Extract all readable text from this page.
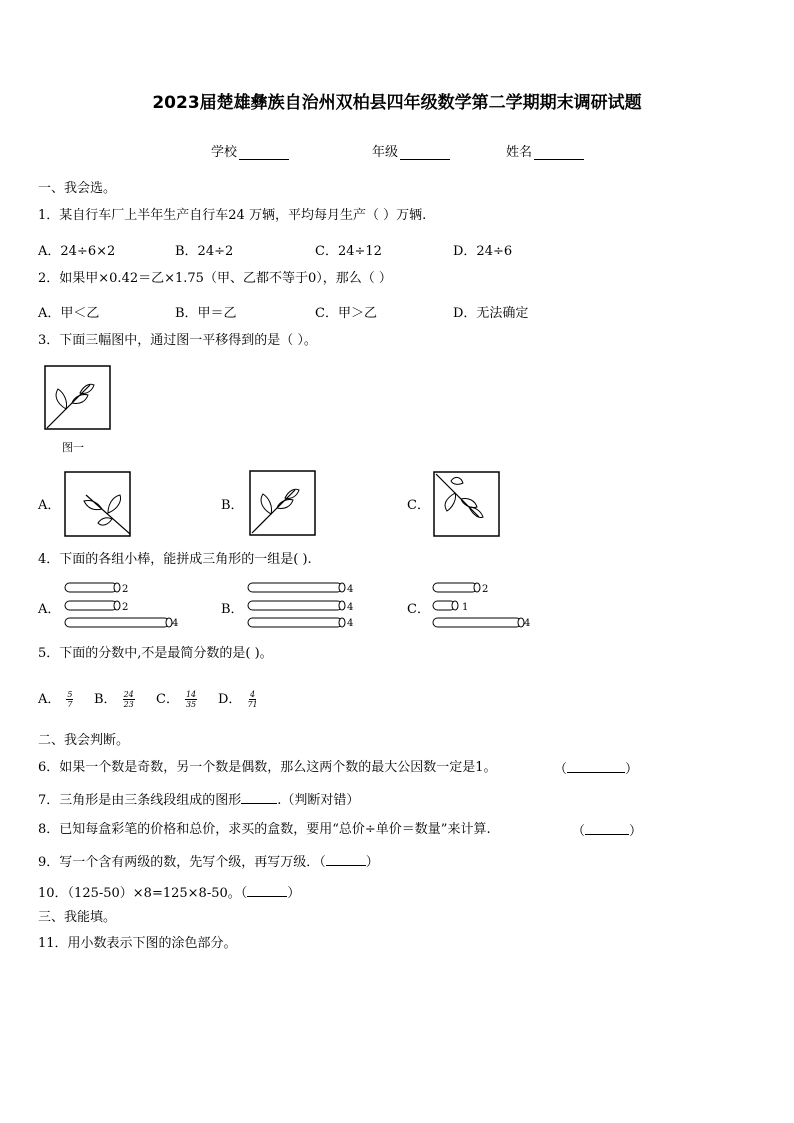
2023届楚雄彝族自治州双柏县四年级数学第二学期期末调研试题
学校	年级	姓名
一、我会选。
1．某自行车厂上半年生产自行车24 万辆，平均每月生产（ ）万辆.
A．24÷6×2	B．24÷2	C．24÷12	D．24÷6
2．如果甲×0.42＝乙×1.75（甲、乙都不等于0），那么（ ）
A．甲＜乙	B．甲＝乙	C．甲＞乙	D．无法确定
3．下面三幅图中，通过图一平移得到的是（ ）。
图一
A．	B．	C．
4．下面的各组小棒，能拼成三角形的一组是( ).
A．
2
2
4
B．
4
4
4
C．
2
1
4
5．下面的分数中,不是最简分数的是( )。
A． $\frac{5}{7}$ B． $\frac{24}{23}$ C． $\frac{14}{35}$ D． $\frac{4}{71}$
二、我会判断。
6．如果一个数是奇数，另一个数是偶数，那么这两个数的最大公因数一定是1。	（	）
7．三角形是由三条线段组成的图形	.（判断对错）
8．已知每盒彩笔的价格和总价，求买的盒数，要用“总价÷单价＝数量”来计算.	（	）
9．写一个含有两级的数，先写个级，再写万级．（	）
10．（125-50）×8=125×8-50。（	）
三、我能填。
11．用小数表示下图的涂色部分。
